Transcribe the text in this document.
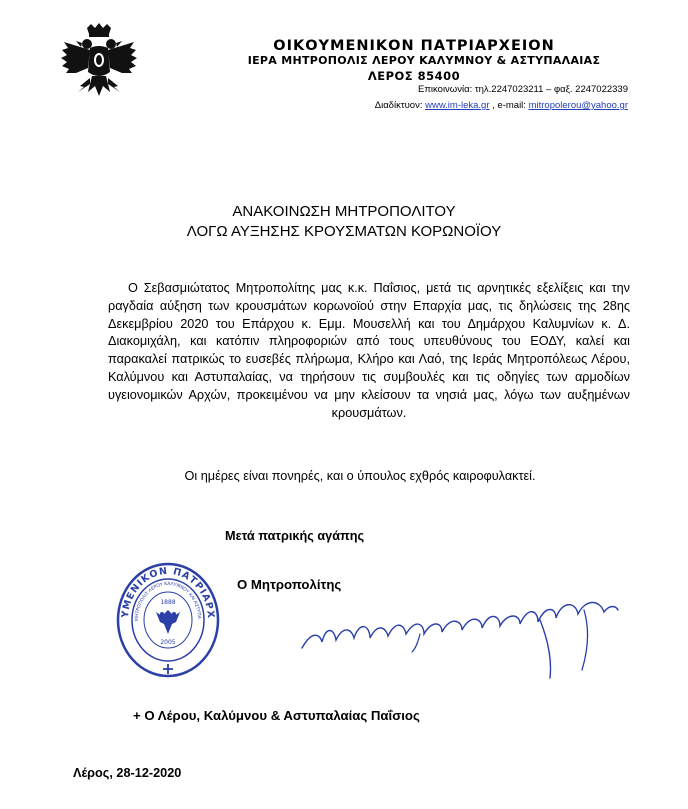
ΟΙΚΟΥΜΕΝΙΚΟΝ ΠΑΤΡΙΑΡΧΕΙΟΝ
ΙΕΡΑ ΜΗΤΡΟΠΟΛΙΣ ΛΕΡΟΥ ΚΑΛΥΜΝΟΥ & ΑΣΤΥΠΑΛΑΙΑΣ
ΛΕΡΟΣ 85400
Επικοινωνία: τηλ.2247023211 – φαξ. 2247022339
Διαδίκτυον: www.im-leka.gr , e-mail: mitropolerou@yahoo.gr
ΑΝΑΚΟΙΝΩΣΗ ΜΗΤΡΟΠΟΛΙΤΟΥ
ΛΟΓΩ ΑΥΞΗΣΗΣ ΚΡΟΥΣΜΑΤΩΝ ΚΟΡΩΝΟΪΟΥ
Ο Σεβασμιώτατος Μητροπολίτης μας κ.κ. Παΐσιος, μετά τις αρνητικές εξελίξεις και την ραγδαία αύξηση των κρουσμάτων κορωνοϊού στην Επαρχία μας, τις δηλώσεις της 28ης Δεκεμβρίου 2020 του Επάρχου κ. Εμμ. Μουσελλή και του Δημάρχου Καλυμνίων κ. Δ. Διακομιχάλη, και κατόπιν πληροφοριών από τους υπευθύνους του ΕΟΔΥ, καλεί και παρακαλεί πατρικώς το ευσεβές πλήρωμα, Κλήρο και Λαό, της Ιεράς Μητροπόλεως Λέρου, Καλύμνου και Αστυπαλαίας, να τηρήσουν τις συμβουλές και τις οδηγίες των αρμοδίων υγειονομικών Αρχών, προκειμένου να μην κλείσουν τα νησιά μας, λόγω των αυξημένων κρουσμάτων.
Οι ημέρες είναι πονηρές, και ο ύπουλος εχθρός καιροφυλακτεί.
Μετά πατρικής αγάπης
Ο Μητροπολίτης
ΥΜΕΝΙΚΟΝ ΠΑΤΡΙΑΡΧ
ΜΗΤΡΟΠΟΛΙΣ ΛΕΡΟΥ ΚΑΛΥΜΝΟΥ ΚΑΙ ΑΣΤΥΠΑ
1888
2005
+ Ο Λέρου, Καλύμνου & Αστυπαλαίας Παΐσιος
Λέρος, 28-12-2020
